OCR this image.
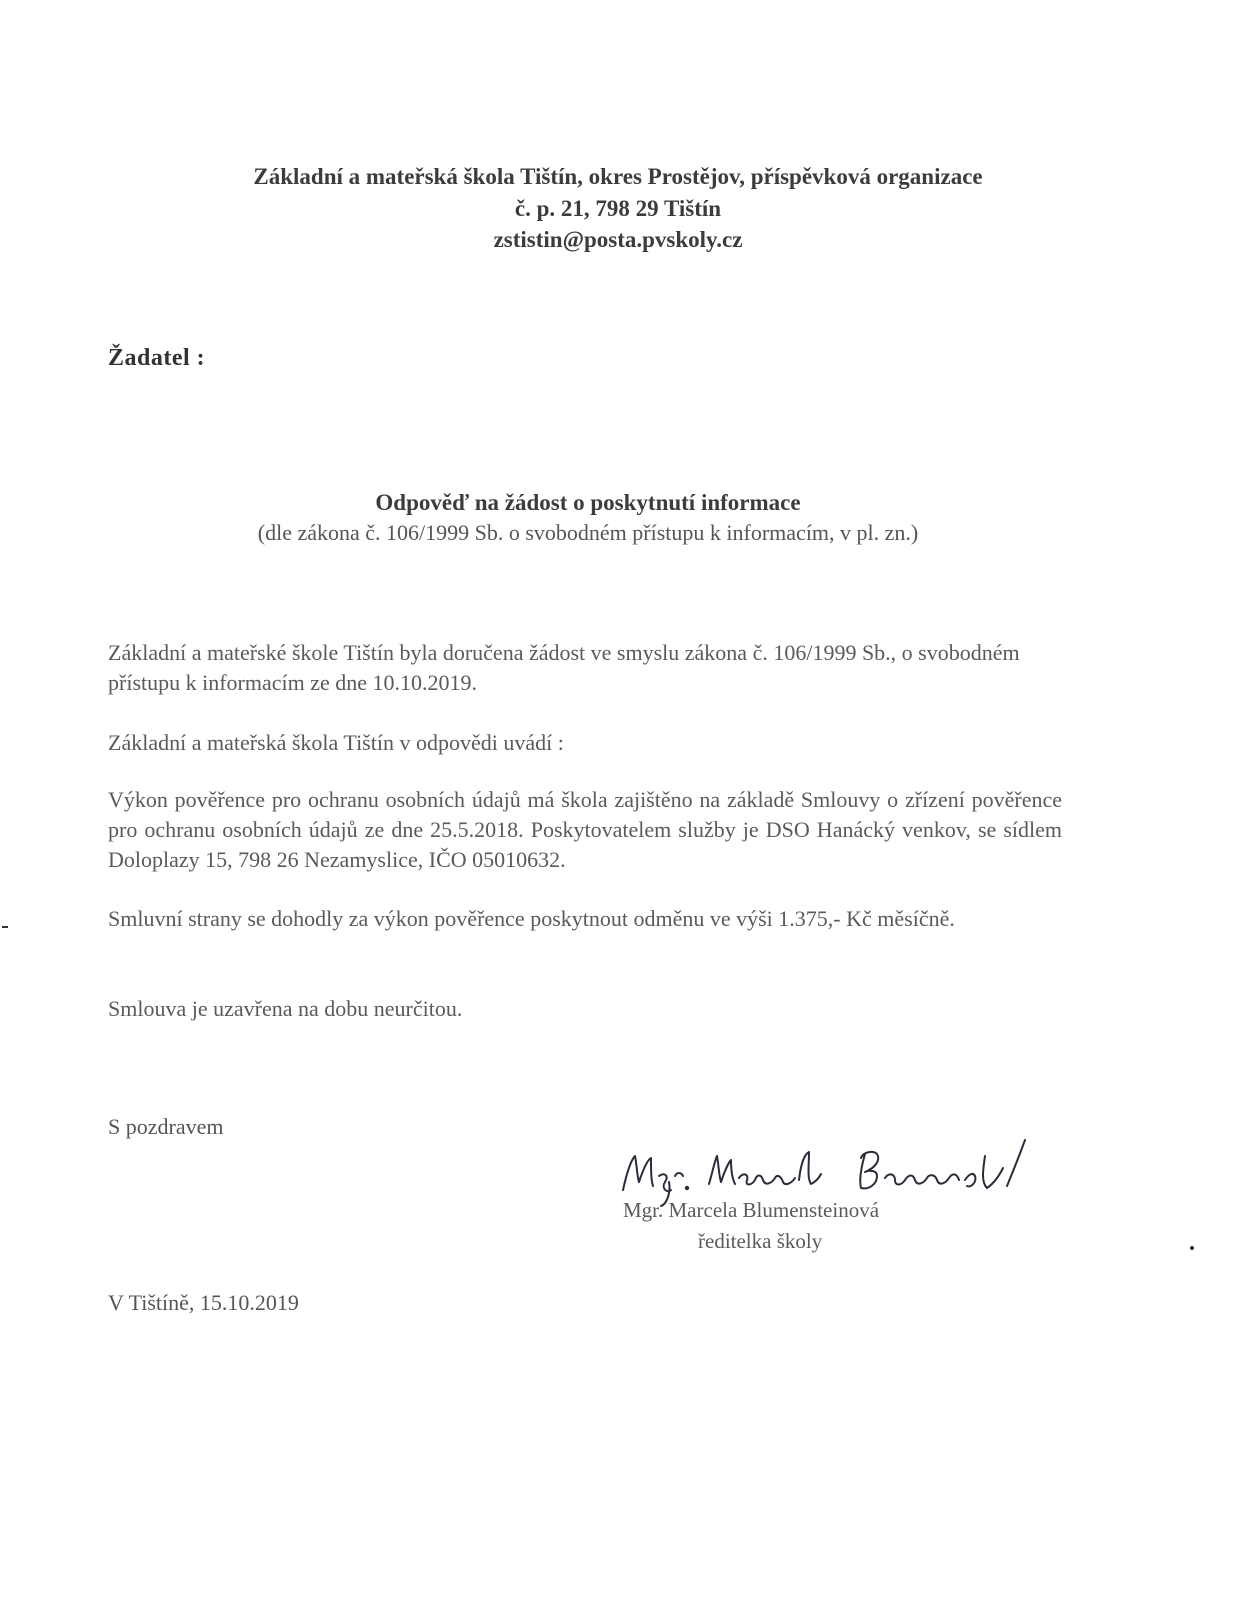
Základní a mateřská škola Tištín, okres Prostějov, příspěvková organizace
č. p. 21, 798 29 Tištín
zstistin@posta.pvskoly.cz
Žadatel :
Odpověď na žádost o poskytnutí informace
(dle zákona č. 106/1999 Sb. o svobodném přístupu k informacím, v pl. zn.)
Základní a mateřské škole Tištín byla doručena žádost ve smyslu zákona č. 106/1999 Sb., o svobodném přístupu k informacím ze dne 10.10.2019.
Základní a mateřská škola Tištín v odpovědi uvádí :
Výkon pověřence pro ochranu osobních údajů má škola zajištěno na základě Smlouvy o zřízení pověřence pro ochranu osobních údajů ze dne 25.5.2018. Poskytovatelem služby je DSO Hanácký venkov, se sídlem Doloplazy 15, 798 26 Nezamyslice, IČO 05010632.
Smluvní strany se dohodly za výkon pověřence poskytnout odměnu ve výši 1.375,- Kč měsíčně.
Smlouva je uzavřena na dobu neurčitou.
S pozdravem
Mgr. Marcela Blumensteinová
ředitelka školy
V Tištíně, 15.10.2019
